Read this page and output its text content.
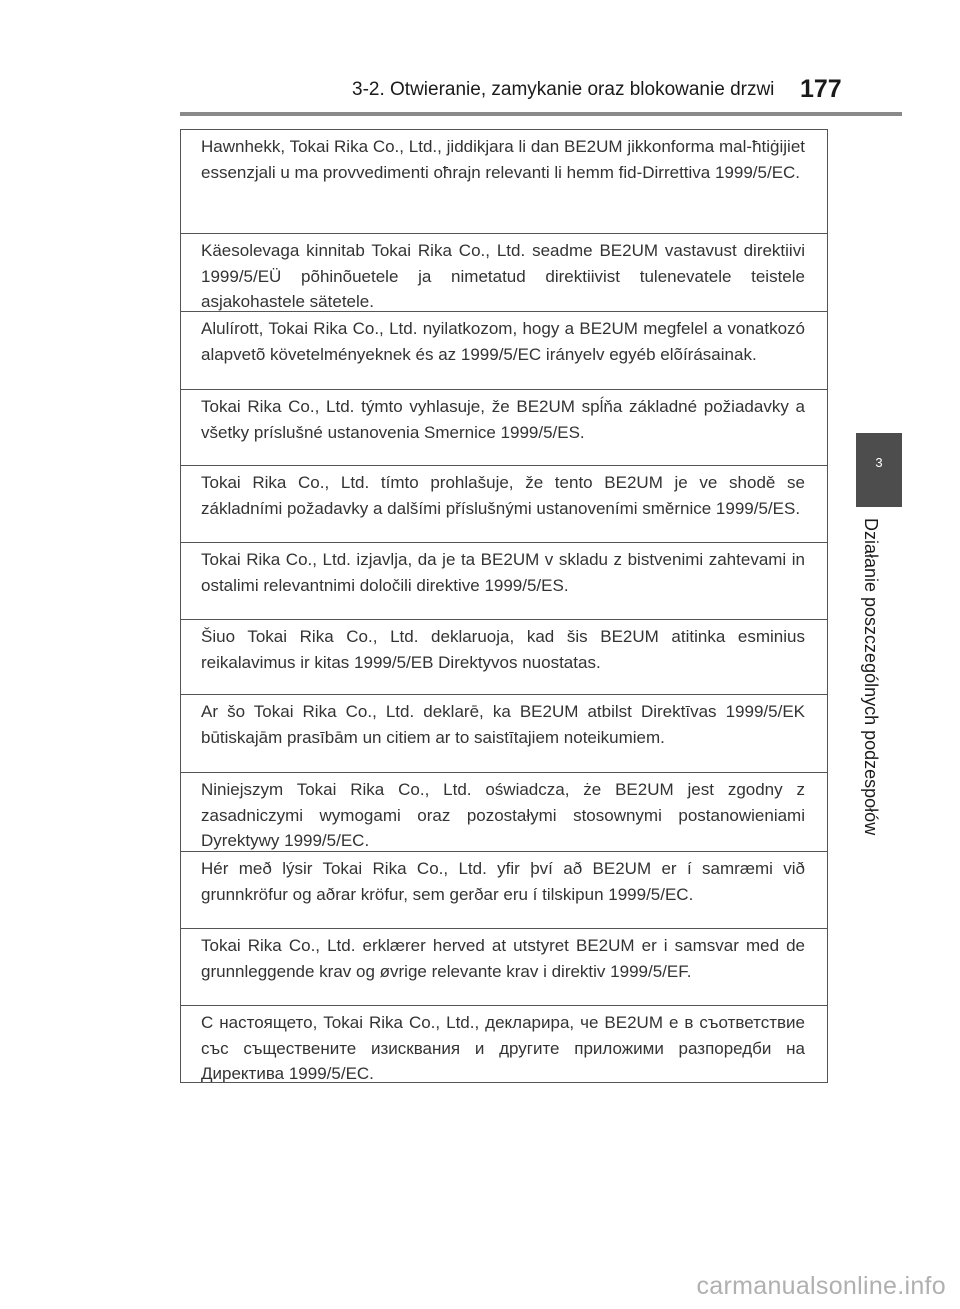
3-2. Otwieranie, zamykanie oraz blokowanie drzwi 177
3
Działanie poszczególnych podzespołów

Hawnhekk, Tokai Rika Co., Ltd., jiddikjara li dan BE2UM jikkonforma mal-ħtiġijiet essenzjali u ma provvedimenti oħrajn relevanti li hemm fid-Dirrettiva 1999/5/EC.

Käesolevaga kinnitab Tokai Rika Co., Ltd. seadme BE2UM vastavust direktiivi 1999/5/EÜ põhinõuetele ja nimetatud direktiivist tulenevatele teistele asjakohastele sätetele.

Alulírott, Tokai Rika Co., Ltd. nyilatkozom, hogy a BE2UM megfelel a vonatkozó alapvetõ követelményeknek és az 1999/5/EC irányelv egyéb elõírásainak.

Tokai Rika Co., Ltd. týmto vyhlasuje, že BE2UM spĺňa základné požiadavky a všetky príslušné ustanovenia Smernice 1999/5/ES.

Tokai Rika Co., Ltd. tímto prohlašuje, že tento BE2UM je ve shodě se základními požadavky a dalšími příslušnými ustanoveními směrnice 1999/5/ES.

Tokai Rika Co., Ltd. izjavlja, da je ta BE2UM v skladu z bistvenimi zahtevami in ostalimi relevantnimi določili direktive 1999/5/ES.

Šiuo Tokai Rika Co., Ltd. deklaruoja, kad šis BE2UM atitinka esminius reikalavimus ir kitas 1999/5/EB Direktyvos nuostatas.

Ar šo Tokai Rika Co., Ltd. deklarē, ka BE2UM atbilst Direktīvas 1999/5/EK būtiskajām prasībām un citiem ar to saistītajiem noteikumiem.

Niniejszym Tokai Rika Co., Ltd. oświadcza, że BE2UM jest zgodny z zasadniczymi wymogami oraz pozostałymi stosownymi postanowieniami Dyrektywy 1999/5/EC.

Hér með lýsir Tokai Rika Co., Ltd. yfir því að BE2UM er í samræmi við grunnkröfur og aðrar kröfur, sem gerðar eru í tilskipun 1999/5/EC.

Tokai Rika Co., Ltd. erklærer herved at utstyret BE2UM er i samsvar med de grunnleggende krav og øvrige relevante krav i direktiv 1999/5/EF.

С настоящето, Tokai Rika Co., Ltd., декларира, че BE2UM е в съответствие със съществените изисквания и другите приложими разпоредби на Директива 1999/5/ЕС.

carmanualsonline.info
